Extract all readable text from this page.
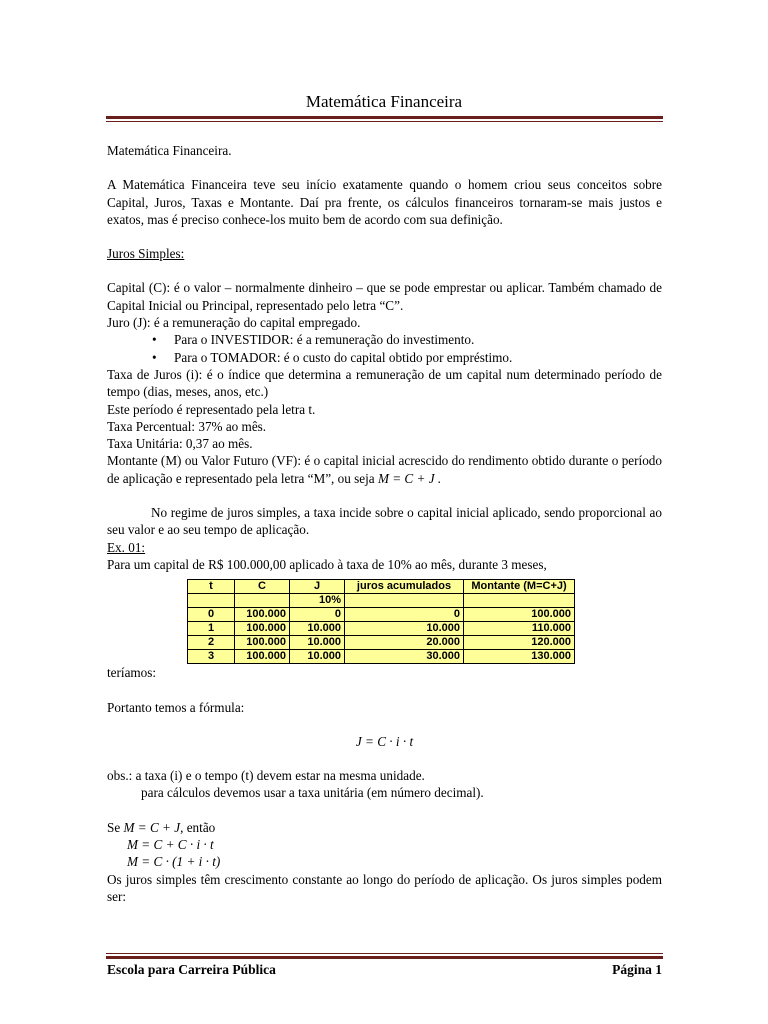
Matemática Financeira

Matemática Financeira.

A Matemática Financeira teve seu início exatamente quando o homem criou seus conceitos sobre Capital, Juros, Taxas e Montante. Daí pra frente, os cálculos financeiros tornaram-se mais justos e exatos, mas é preciso conhece-los muito bem de acordo com sua definição.

Juros Simples:

Capital (C): é o valor – normalmente dinheiro – que se pode emprestar ou aplicar. Também chamado de Capital Inicial ou Principal, representado pelo letra “C”.

Juro (J): é a remuneração do capital empregado.

• Para o INVESTIDOR: é a remuneração do investimento.
• Para o TOMADOR: é o custo do capital obtido por empréstimo.

Taxa de Juros (i): é o índice que determina a remuneração de um capital num determinado período de tempo (dias, meses, anos, etc.)

Este período é representado pela letra t.

Taxa Percentual: 37% ao mês.

Taxa Unitária: 0,37 ao mês.

Montante (M) ou Valor Futuro (VF): é o capital inicial acrescido do rendimento obtido durante o período de aplicação e representado pela letra “M”, ou seja M = C + J .

No regime de juros simples, a taxa incide sobre o capital inicial aplicado, sendo proporcional ao seu valor e ao seu tempo de aplicação.

Ex. 01:

Para um capital de R$ 100.000,00 aplicado à taxa de 10% ao mês, durante 3 meses,

t	C	J	juros acumulados	Montante (M=C+J)
		10%		
0	100.000	0	0	100.000
1	100.000	10.000	10.000	110.000
2	100.000	10.000	20.000	120.000
3	100.000	10.000	30.000	130.000

teríamos:

Portanto temos a fórmula:

J = C · i · t

obs.: a taxa (i) e o tempo (t) devem estar na mesma unidade.

para cálculos devemos usar a taxa unitária (em número decimal).

Se M = C + J, então

M = C + C · i · t

M = C · (1 + i · t)

Os juros simples têm crescimento constante ao longo do período de aplicação. Os juros simples podem ser:

Escola para Carreira Pública	Página 1
